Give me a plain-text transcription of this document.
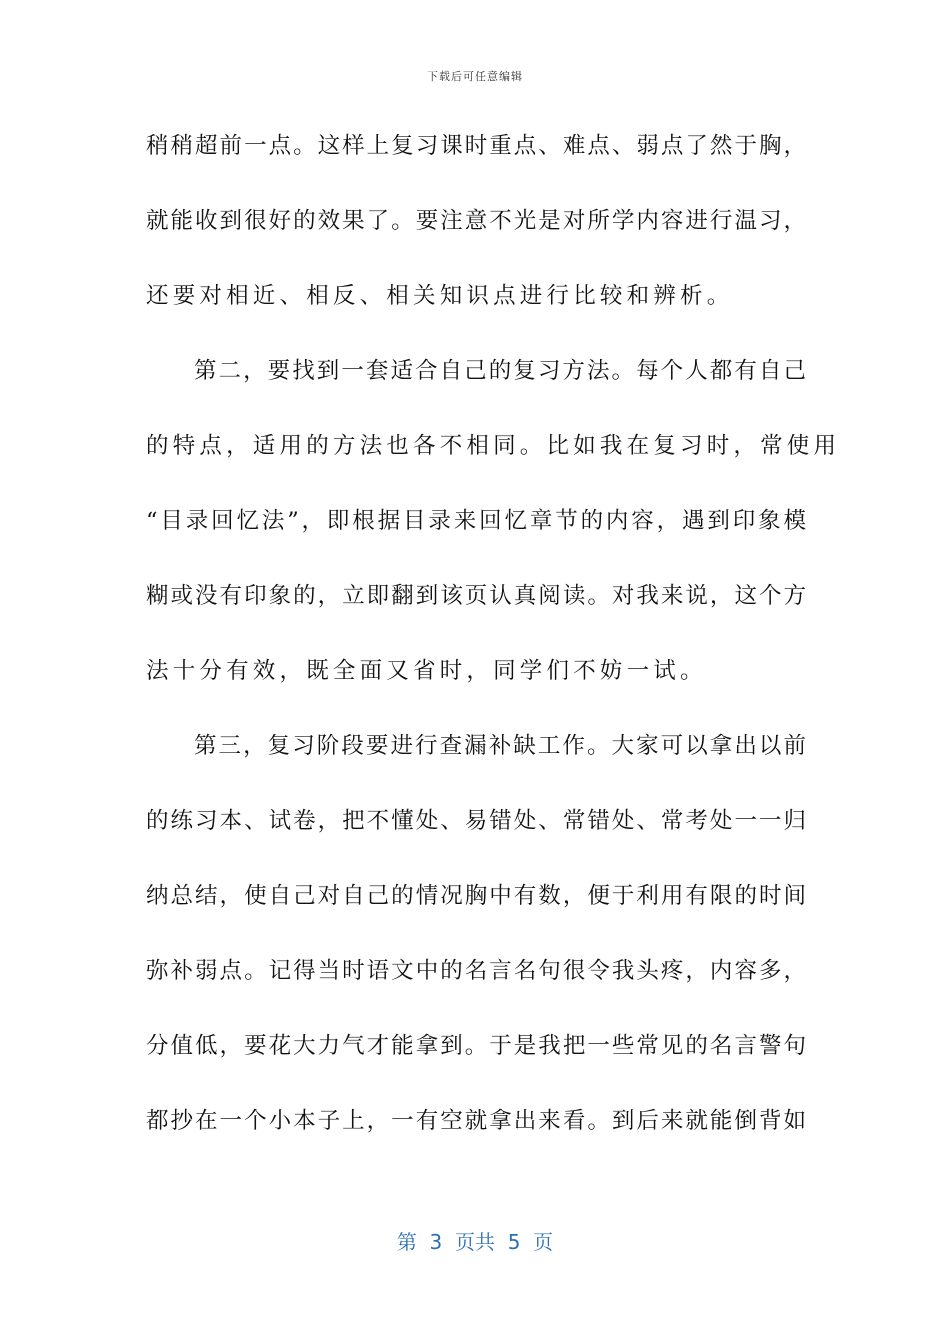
下载后可任意编辑
稍稍超前一点。这样上复习课时重点、难点、弱点了然于胸，
就能收到很好的效果了。要注意不光是对所学内容进行温习，
还要对相近、相反、相关知识点进行比较和辨析。
第二，要找到一套适合自己的复习方法。每个人都有自己
的特点，适用的方法也各不相同。比如我在复习时，常使用
“目录回忆法”，即根据目录来回忆章节的内容，遇到印象模
糊或没有印象的，立即翻到该页认真阅读。对我来说，这个方
法十分有效，既全面又省时，同学们不妨一试。
第三，复习阶段要进行查漏补缺工作。大家可以拿出以前
的练习本、试卷，把不懂处、易错处、常错处、常考处一一归
纳总结，使自己对自己的情况胸中有数，便于利用有限的时间
弥补弱点。记得当时语文中的名言名句很令我头疼，内容多，
分值低，要花大力气才能拿到。于是我把一些常见的名言警句
都抄在一个小本子上，一有空就拿出来看。到后来就能倒背如
第  3  页共  5  页
